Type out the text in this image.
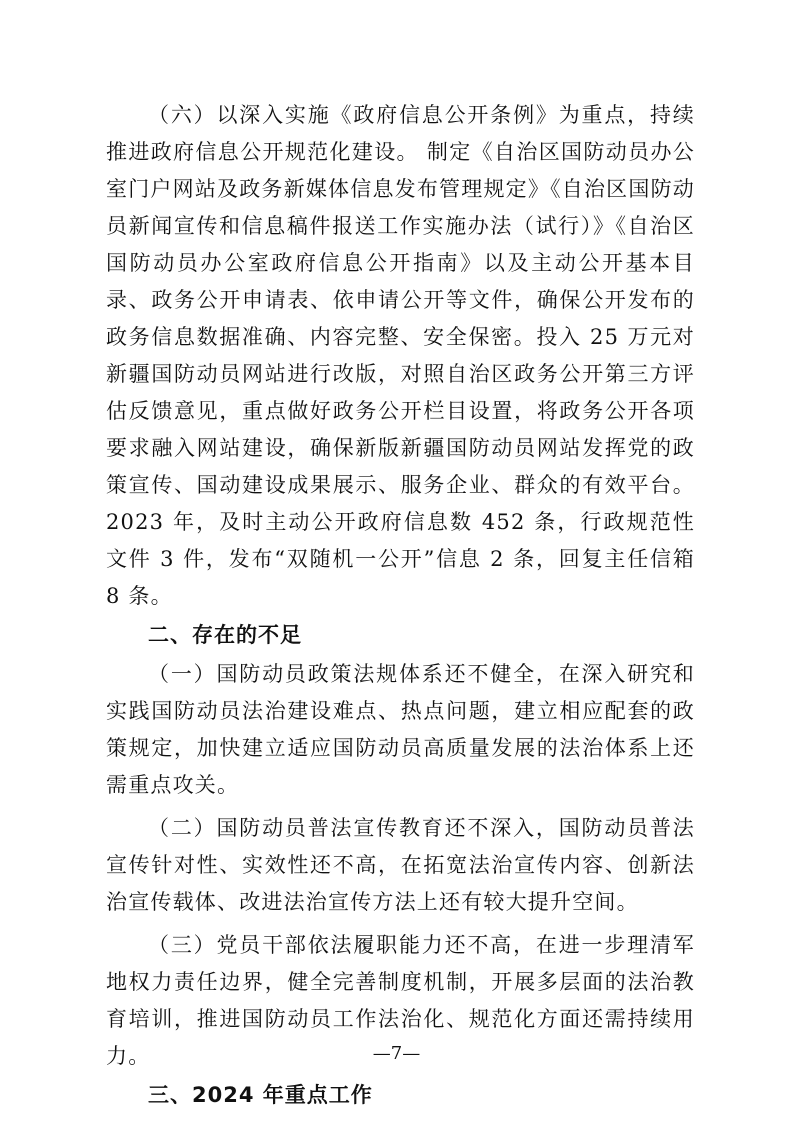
（六）以深入实施《政府信息公开条例》为重点，持续推进政府信息公开规范化建设。 制定《自治区国防动员办公室门户网站及政务新媒体信息发布管理规定》《自治区国防动员新闻宣传和信息稿件报送工作实施办法（试行）》《自治区国防动员办公室政府信息公开指南》以及主动公开基本目录、政务公开申请表、依申请公开等文件，确保公开发布的政务信息数据准确、内容完整、安全保密。投入 25 万元对新疆国防动员网站进行改版，对照自治区政务公开第三方评估反馈意见，重点做好政务公开栏目设置，将政务公开各项要求融入网站建设，确保新版新疆国防动员网站发挥党的政策宣传、国动建设成果展示、服务企业、群众的有效平台。2023 年，及时主动公开政府信息数 452 条，行政规范性文件 3 件，发布“双随机一公开”信息 2 条，回复主任信箱 8 条。

二、存在的不足

（一）国防动员政策法规体系还不健全，在深入研究和实践国防动员法治建设难点、热点问题，建立相应配套的政策规定，加快建立适应国防动员高质量发展的法治体系上还需重点攻关。

（二）国防动员普法宣传教育还不深入，国防动员普法宣传针对性、实效性还不高，在拓宽法治宣传内容、创新法治宣传载体、改进法治宣传方法上还有较大提升空间。

（三）党员干部依法履职能力还不高，在进一步理清军地权力责任边界，健全完善制度机制，开展多层面的法治教育培训，推进国防动员工作法治化、规范化方面还需持续用力。

三、2024 年重点工作
—7—
